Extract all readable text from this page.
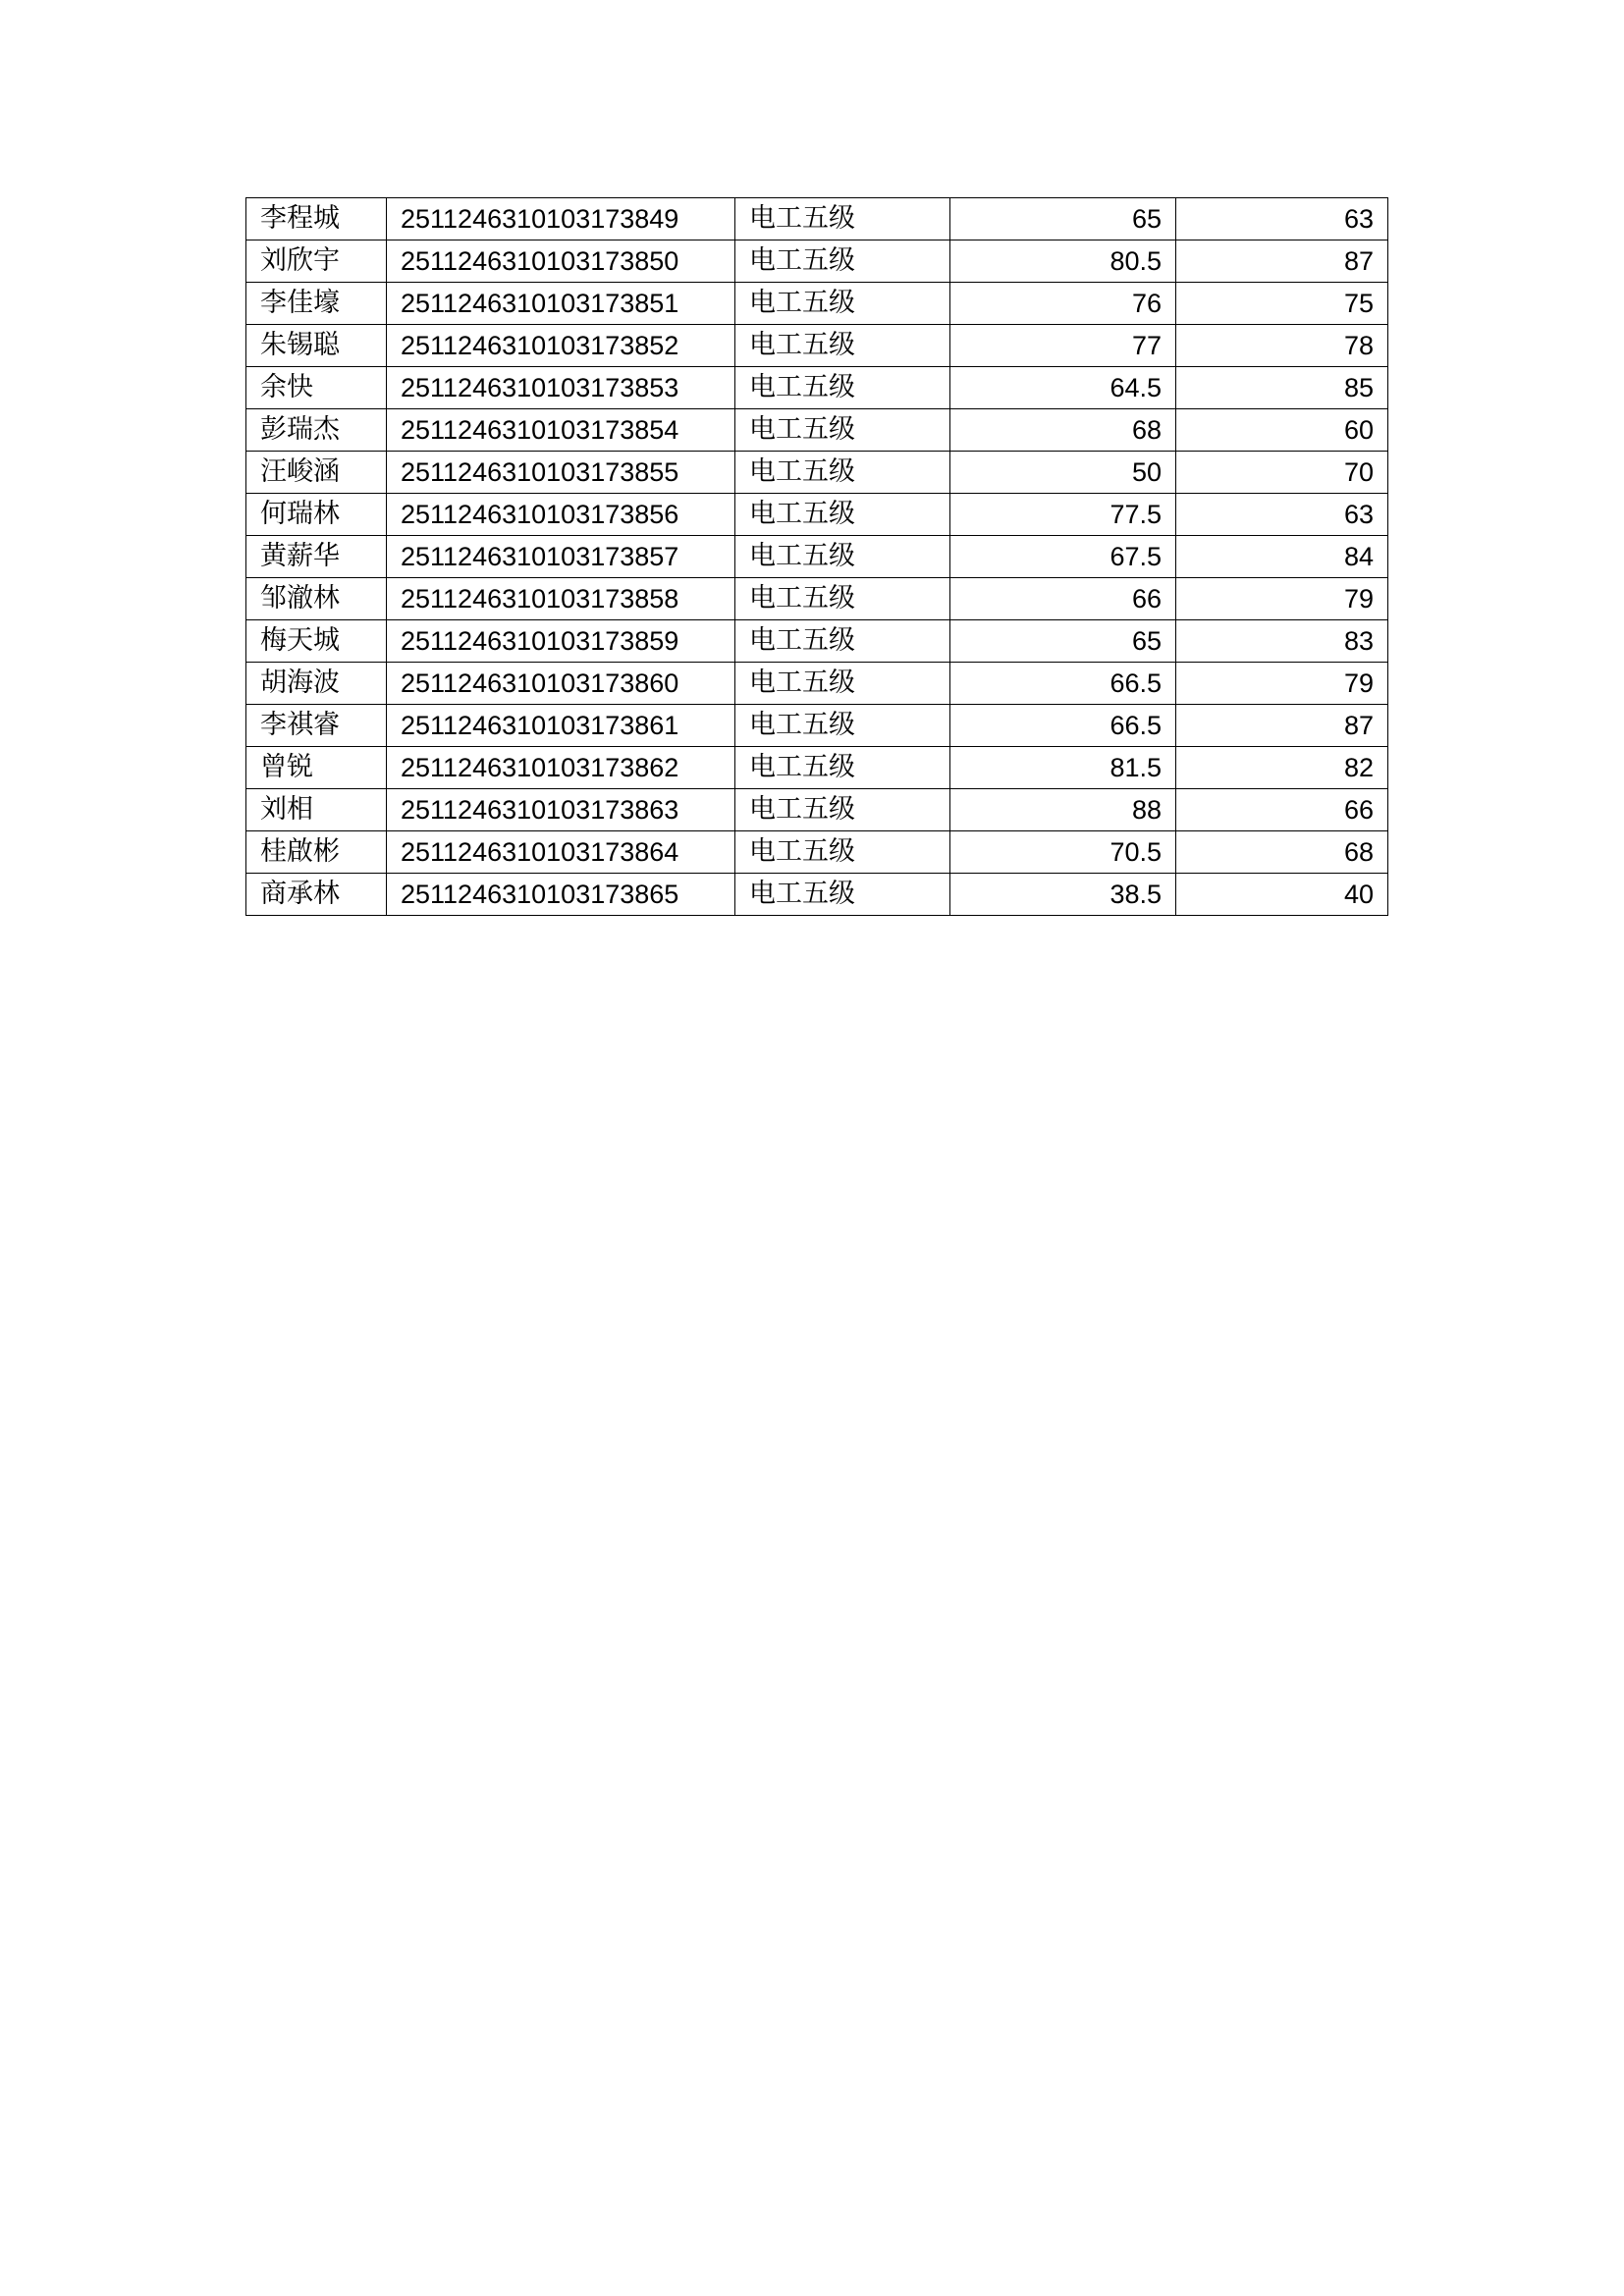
李程城	2511246310103173849	电工五级	65	63
刘欣宇	2511246310103173850	电工五级	80.5	87
李佳壕	2511246310103173851	电工五级	76	75
朱锡聪	2511246310103173852	电工五级	77	78
余快	2511246310103173853	电工五级	64.5	85
彭瑞杰	2511246310103173854	电工五级	68	60
汪峻涵	2511246310103173855	电工五级	50	70
何瑞林	2511246310103173856	电工五级	77.5	63
黄薪华	2511246310103173857	电工五级	67.5	84
邹澈林	2511246310103173858	电工五级	66	79
梅天城	2511246310103173859	电工五级	65	83
胡海波	2511246310103173860	电工五级	66.5	79
李祺睿	2511246310103173861	电工五级	66.5	87
曾锐	2511246310103173862	电工五级	81.5	82
刘相	2511246310103173863	电工五级	88	66
桂啟彬	2511246310103173864	电工五级	70.5	68
商承林	2511246310103173865	电工五级	38.5	40
